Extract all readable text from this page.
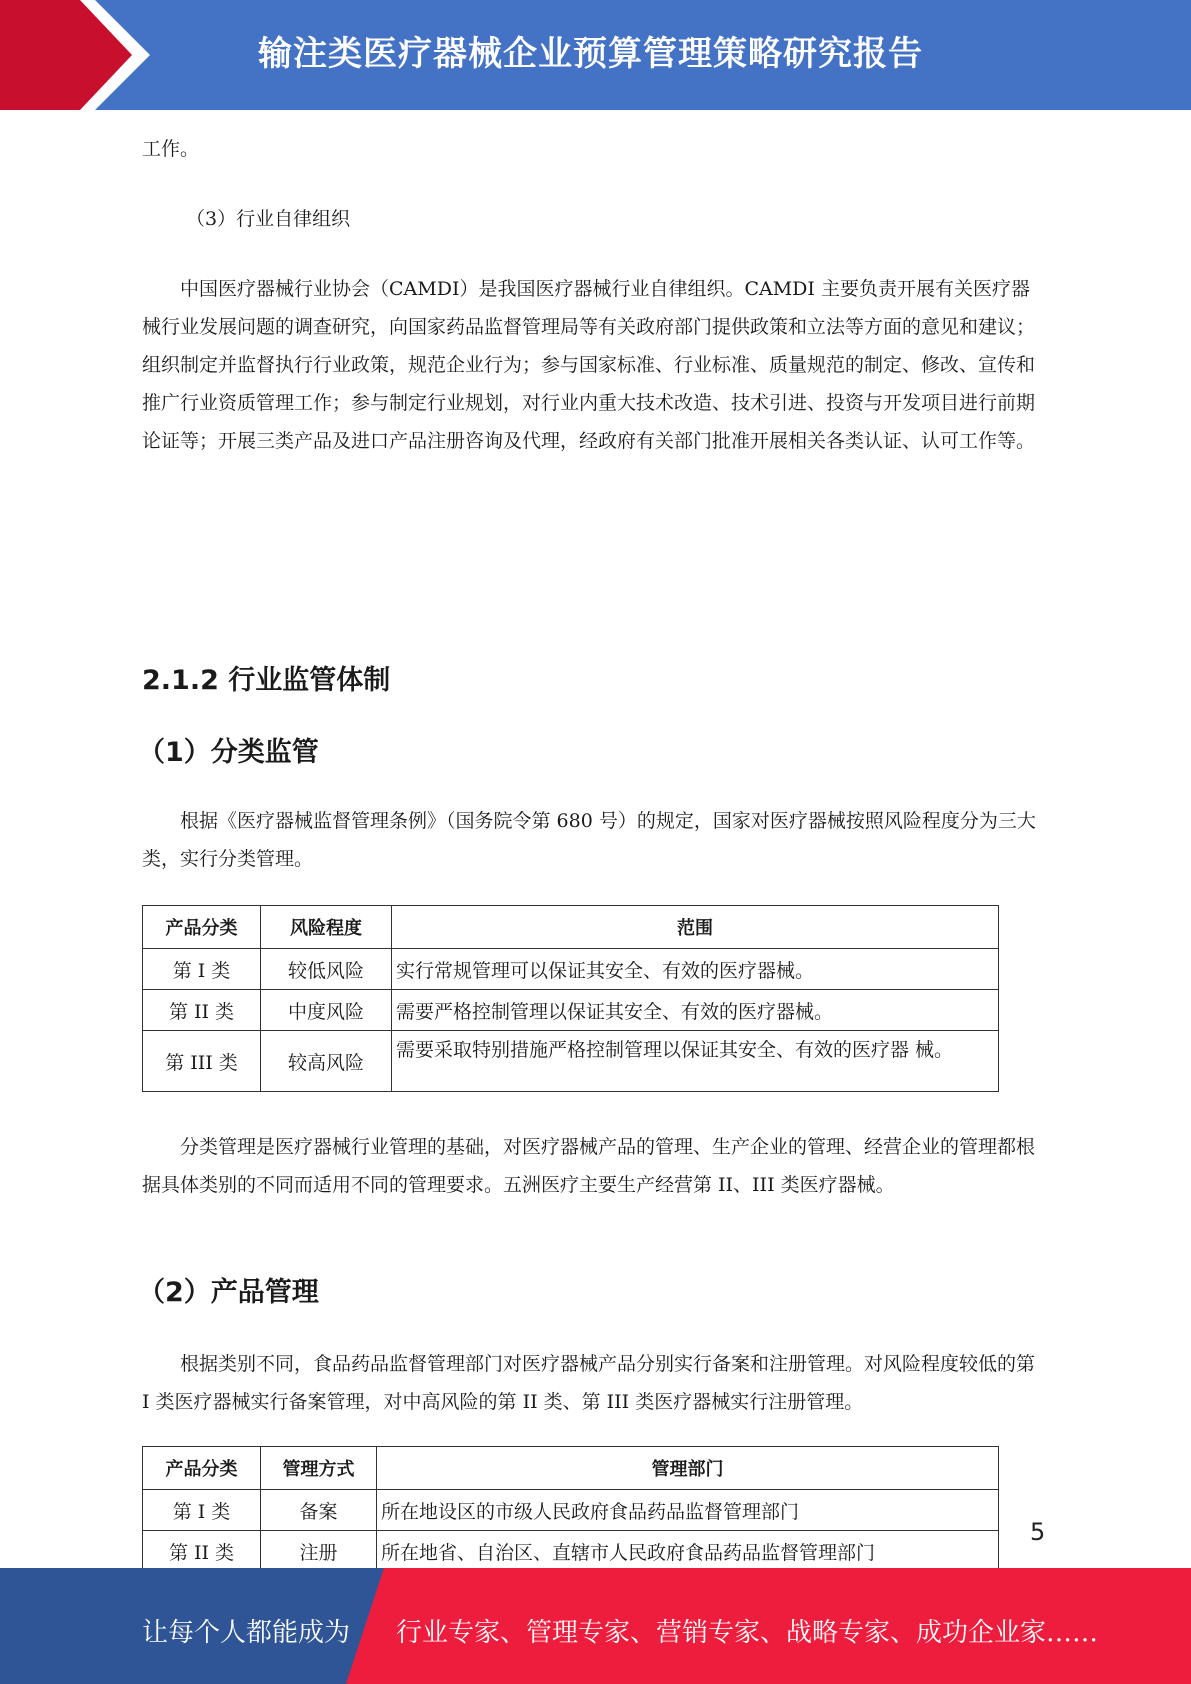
输注类医疗器械企业预算管理策略研究报告

工作。

（3）行业自律组织

中国医疗器械行业协会（CAMDI）是我国医疗器械行业自律组织。CAMDI 主要负责开展有关医疗器械行业发展问题的调查研究，向国家药品监督管理局等有关政府部门提供政策和立法等方面的意见和建议；组织制定并监督执行行业政策，规范企业行为；参与国家标准、行业标准、质量规范的制定、修改、宣传和推广行业资质管理工作；参与制定行业规划，对行业内重大技术改造、技术引进、投资与开发项目进行前期论证等；开展三类产品及进口产品注册咨询及代理，经政府有关部门批准开展相关各类认证、认可工作等。

2.1.2 行业监管体制
（1）分类监管

根据《医疗器械监督管理条例》（国务院令第 680 号）的规定，国家对医疗器械按照风险程度分为三大类，实行分类管理。

产品分类	风险程度	范围
第 I 类	较低风险	实行常规管理可以保证其安全、有效的医疗器械。
第 II 类	中度风险	需要严格控制管理以保证其安全、有效的医疗器械。
第 III 类	较高风险	需要采取特别措施严格控制管理以保证其安全、有效的医疗器 械。

分类管理是医疗器械行业管理的基础，对医疗器械产品的管理、生产企业的管理、经营企业的管理都根据具体类别的不同而适用不同的管理要求。五洲医疗主要生产经营第 II、III 类医疗器械。

（2）产品管理

根据类别不同，食品药品监督管理部门对医疗器械产品分别实行备案和注册管理。对风险程度较低的第 I 类医疗器械实行备案管理，对中高风险的第 II 类、第 III 类医疗器械实行注册管理。

产品分类	管理方式	管理部门
第 I 类	备案	所在地设区的市级人民政府食品药品监督管理部门
第 II 类	注册	所在地省、自治区、直辖市人民政府食品药品监督管理部门

5
让每个人都能成为 行业专家、管理专家、营销专家、战略专家、成功企业家……
